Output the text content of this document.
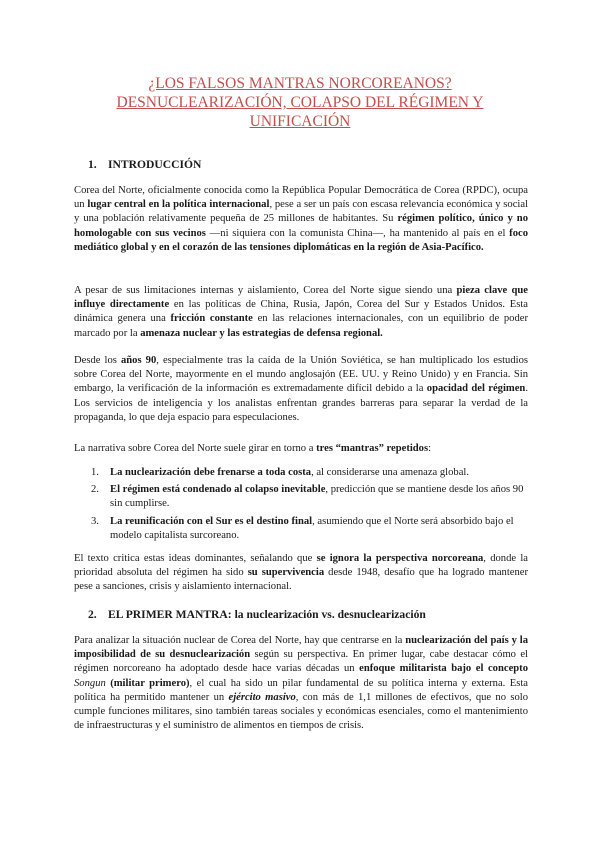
¿LOS FALSOS MANTRAS NORCOREANOS?
DESNUCLEARIZACIÓN, COLAPSO DEL RÉGIMEN Y
UNIFICACIÓN
1. INTRODUCCIÓN
Corea del Norte, oficialmente conocida como la República Popular Democrática de Corea (RPDC), ocupa un lugar central en la política internacional, pese a ser un país con escasa relevancia económica y social y una población relativamente pequeña de 25 millones de habitantes. Su régimen político, único y no homologable con sus vecinos —ni siquiera con la comunista China—, ha mantenido al país en el foco mediático global y en el corazón de las tensiones diplomáticas en la región de Asia-Pacífico.
A pesar de sus limitaciones internas y aislamiento, Corea del Norte sigue siendo una pieza clave que influye directamente en las políticas de China, Rusia, Japón, Corea del Sur y Estados Unidos. Esta dinámica genera una fricción constante en las relaciones internacionales, con un equilibrio de poder marcado por la amenaza nuclear y las estrategias de defensa regional.
Desde los años 90, especialmente tras la caída de la Unión Soviética, se han multiplicado los estudios sobre Corea del Norte, mayormente en el mundo anglosajón (EE. UU. y Reino Unido) y en Francia. Sin embargo, la verificación de la información es extremadamente difícil debido a la opacidad del régimen. Los servicios de inteligencia y los analistas enfrentan grandes barreras para separar la verdad de la propaganda, lo que deja espacio para especulaciones.
La narrativa sobre Corea del Norte suele girar en torno a tres “mantras” repetidos:
1. La nuclearización debe frenarse a toda costa, al considerarse una amenaza global.
2. El régimen está condenado al colapso inevitable, predicción que se mantiene desde los años 90 sin cumplirse.
3. La reunificación con el Sur es el destino final, asumiendo que el Norte será absorbido bajo el modelo capitalista surcoreano.
El texto critica estas ideas dominantes, señalando que se ignora la perspectiva norcoreana, donde la prioridad absoluta del régimen ha sido su supervivencia desde 1948, desafío que ha logrado mantener pese a sanciones, crisis y aislamiento internacional.
2. EL PRIMER MANTRA: la nuclearización vs. desnuclearización
Para analizar la situación nuclear de Corea del Norte, hay que centrarse en la nuclearización del país y la imposibilidad de su desnuclearización según su perspectiva. En primer lugar, cabe destacar cómo el régimen norcoreano ha adoptado desde hace varias décadas un enfoque militarista bajo el concepto Songun (militar primero), el cual ha sido un pilar fundamental de su política interna y externa. Esta política ha permitido mantener un ejército masivo, con más de 1,1 millones de efectivos, que no solo cumple funciones militares, sino también tareas sociales y económicas esenciales, como el mantenimiento de infraestructuras y el suministro de alimentos en tiempos de crisis.
